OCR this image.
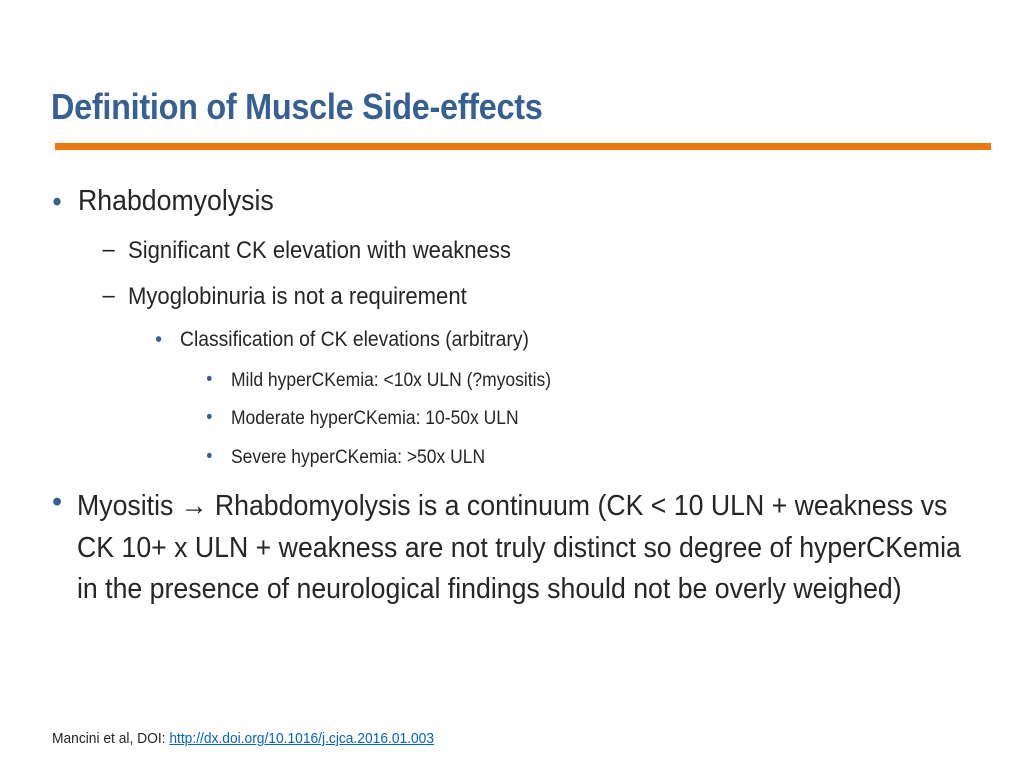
Definition of Muscle Side-effects
• Rhabdomyolysis
– Significant CK elevation with weakness
– Myoglobinuria is not a requirement
• Classification of CK elevations (arbitrary)
• Mild hyperCKemia: <10x ULN (?myositis)
• Moderate hyperCKemia: 10-50x ULN
• Severe hyperCKemia: >50x ULN
• Myositis → Rhabdomyolysis is a continuum (CK < 10 ULN + weakness vs CK 10+ x ULN + weakness are not truly distinct so degree of hyperCKemia in the presence of neurological findings should not be overly weighed)
Mancini et al, DOI: http://dx.doi.org/10.1016/j.cjca.2016.01.003
